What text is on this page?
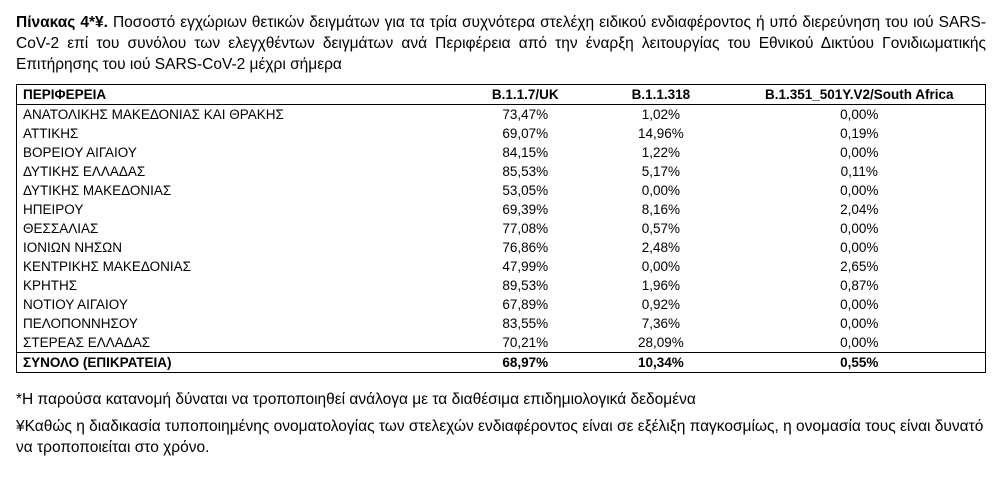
Πίνακας 4*¥. Ποσοστό εγχώριων θετικών δειγμάτων για τα τρία συχνότερα στελέχη ειδικού ενδιαφέροντος ή υπό διερεύνηση του ιού SARS-CoV-2 επί του συνόλου των ελεγχθέντων δειγμάτων ανά Περιφέρεια από την έναρξη λειτουργίας του Εθνικού Δικτύου Γονιδιωματικής Επιτήρησης του ιού SARS-CoV-2 μέχρι σήμερα

ΠΕΡΙΦΕΡΕΙΑ	B.1.1.7/UK	B.1.1.318	B.1.351_501Y.V2/South Africa
ΑΝΑΤΟΛΙΚΗΣ ΜΑΚΕΔΟΝΙΑΣ ΚΑΙ ΘΡΑΚΗΣ	73,47%	1,02%	0,00%
ΑΤΤΙΚΗΣ	69,07%	14,96%	0,19%
ΒΟΡΕΙΟΥ ΑΙΓΑΙΟΥ	84,15%	1,22%	0,00%
ΔΥΤΙΚΗΣ ΕΛΛΑΔΑΣ	85,53%	5,17%	0,11%
ΔΥΤΙΚΗΣ ΜΑΚΕΔΟΝΙΑΣ	53,05%	0,00%	0,00%
ΗΠΕΙΡΟΥ	69,39%	8,16%	2,04%
ΘΕΣΣΑΛΙΑΣ	77,08%	0,57%	0,00%
ΙΟΝΙΩΝ ΝΗΣΩΝ	76,86%	2,48%	0,00%
ΚΕΝΤΡΙΚΗΣ ΜΑΚΕΔΟΝΙΑΣ	47,99%	0,00%	2,65%
ΚΡΗΤΗΣ	89,53%	1,96%	0,87%
ΝΟΤΙΟΥ ΑΙΓΑΙΟΥ	67,89%	0,92%	0,00%
ΠΕΛΟΠΟΝΝΗΣΟΥ	83,55%	7,36%	0,00%
ΣΤΕΡΕΑΣ ΕΛΛΑΔΑΣ	70,21%	28,09%	0,00%
ΣΥΝΟΛΟ (ΕΠΙΚΡΑΤΕΙΑ)	68,97%	10,34%	0,55%

*Η παρούσα κατανομή δύναται να τροποποιηθεί ανάλογα με τα διαθέσιμα επιδημιολογικά δεδομένα

¥Καθώς η διαδικασία τυποποιημένης ονοματολογίας των στελεχών ενδιαφέροντος είναι σε εξέλιξη παγκοσμίως, η ονομασία τους είναι δυνατό να τροποποιείται στο χρόνο.
